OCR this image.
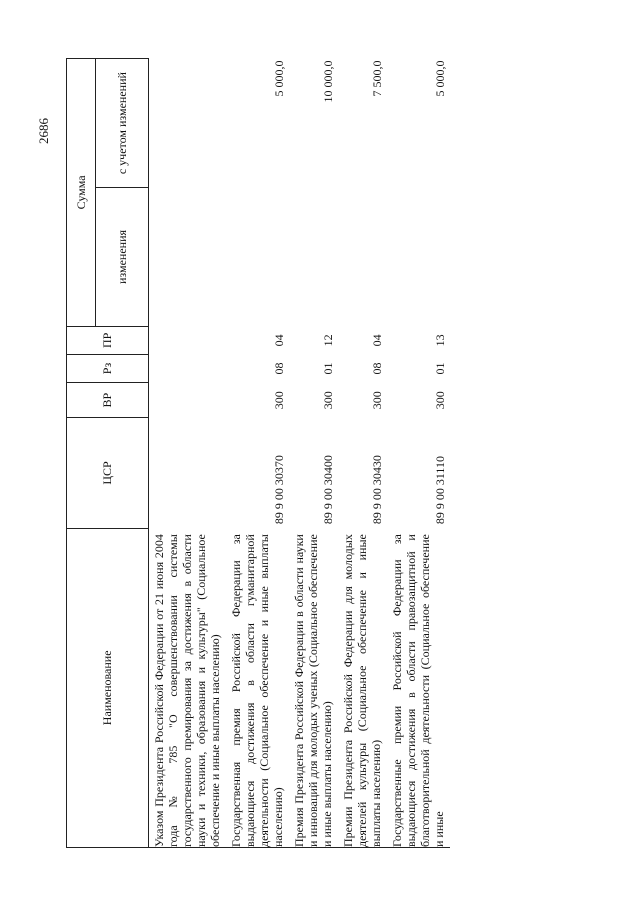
2686
Наименование	ЦСР	ВР	Рз	ПР	Сумма	
					изменения	с учетом изменений
Указом Президента Российской Федерации от 21 июня 2004 года № 785 "О совершенствовании системы государственного премирования за достижения в области науки и техники, образования и культуры" (Социальное обеспечение и иные выплаты населению)						
Государственная премия Российской Федерации за выдающиеся достижения в области гуманитарной деятельности (Социальное обеспечение и иные выплаты населению)	89 9 00 30370	300	08	04		5 000,0
Премия Президента Российской Федерации в области науки и инноваций для молодых ученых (Социальное обеспечение и иные выплаты населению)	89 9 00 30400	300	01	12		10 000,0
Премии Президента Российской Федерации для молодых деятелей культуры (Социальное обеспечение и иные выплаты населению)	89 9 00 30430	300	08	04		7 500,0
Государственные премии Российской Федерации за выдающиеся достижения в области правозащитной и благотворительной деятельности (Социальное обеспечение и иные	89 9 00 31110	300	01	13		5 000,0
